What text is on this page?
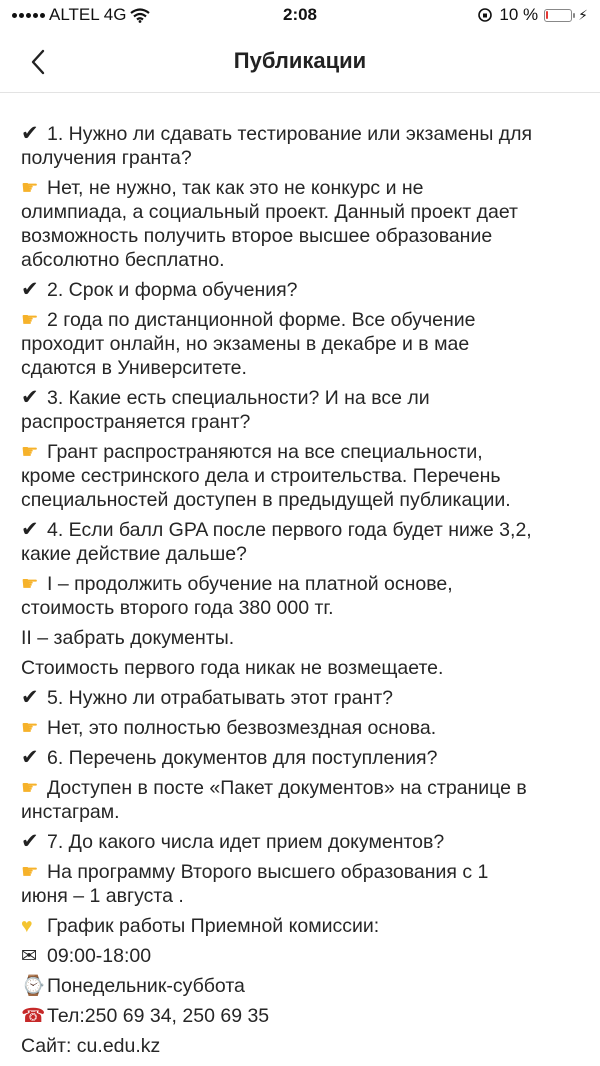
ALTEL 4G	2:08	10 %	⚡
Публикации
✔ 1. Нужно ли сдавать тестирование или экзамены для
получения гранта?
☛ Нет, не нужно, так как это не конкурс и не
олимпиада, а социальный проект. Данный проект дает
возможность получить второе высшее образование
абсолютно бесплатно.
✔ 2. Срок и форма обучения?
☛ 2 года по дистанционной форме. Все обучение
проходит онлайн, но экзамены в декабре и в мае
сдаются в Университете.
✔ 3. Какие есть специальности? И на все ли
распространяется грант?
☛ Грант распространяются на все специальности,
кроме сестринского дела и строительства. Перечень
специальностей доступен в предыдущей публикации.
✔ 4. Если балл GPA после первого года будет ниже 3,2,
какие действие дальше?
☛ I – продолжить обучение на платной основе,
стоимость второго года 380 000 тг.
II – забрать документы.
Стоимость первого года никак не возмещаете.
✔ 5. Нужно ли отрабатывать этот грант?
☛ Нет, это полностью безвозмездная основа.
✔ 6. Перечень документов для поступления?
☛ Доступен в посте «Пакет документов» на странице в
инстаграм.
✔ 7. До какого числа идет прием документов?
☛ На программу Второго высшего образования с 1
июня – 1 августа .
♥ График работы Приемной комиссии:
✉ 09:00-18:00
⌚Понедельник-суббота
☎Тел:250 69 34, 250 69 35
Сайт: cu.edu.kz
